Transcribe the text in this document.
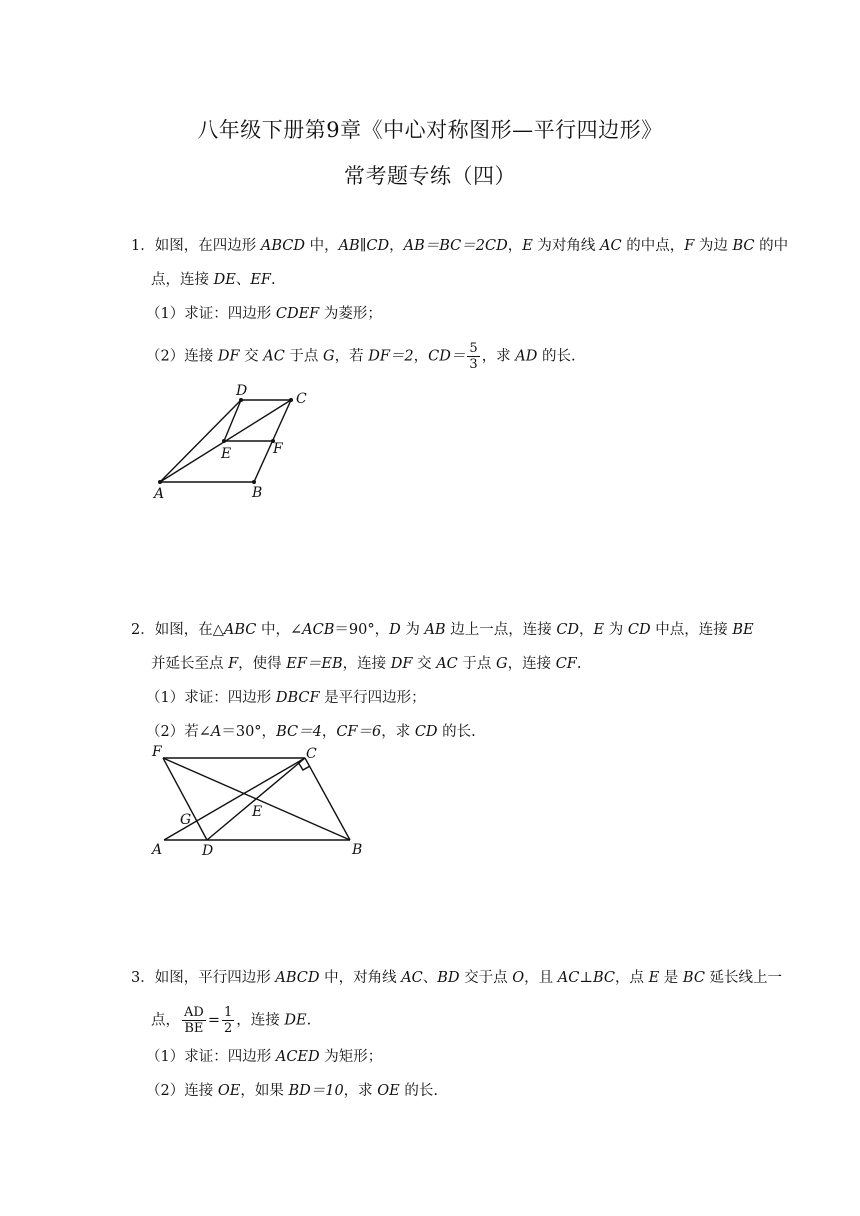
八年级下册第9章《中心对称图形—平行四边形》
常考题专练（四）
1．如图，在四边形 ABCD 中，AB∥CD，AB＝BC＝2CD，E 为对角线 AC 的中点，F 为边 BC 的中
点，连接 DE、EF.
（1）求证：四边形 CDEF 为菱形；
（2）连接 DF 交 AC 于点 G，若 DF＝2，$CD= \frac{5}{3}$ ，求 AD 的长.
A	B
C
D
E	F
2．如图，在△ABC 中，∠ACB＝90°，D 为 AB 边上一点，连接 CD，E 为 CD 中点，连接 BE
并延长至点 F，使得 EF＝EB，连接 DF 交 AC 于点 G，连接 CF.
（1）求证：四边形 DBCF 是平行四边形；
（2）若∠A＝30°，BC＝4，CF＝6，求 CD 的长.
A	B
C
D
E
F
G
3．如图，平行四边形 ABCD 中，对角线 AC、BD 交于点 O，且 AC⊥BC，点 E 是 BC 延长线上一
点， $\frac{AD}{BE} = \frac{1}{2}$ ，连接 DE.
（1）求证：四边形 ACED 为矩形；
（2）连接 OE，如果 BD＝10，求 OE 的长.
